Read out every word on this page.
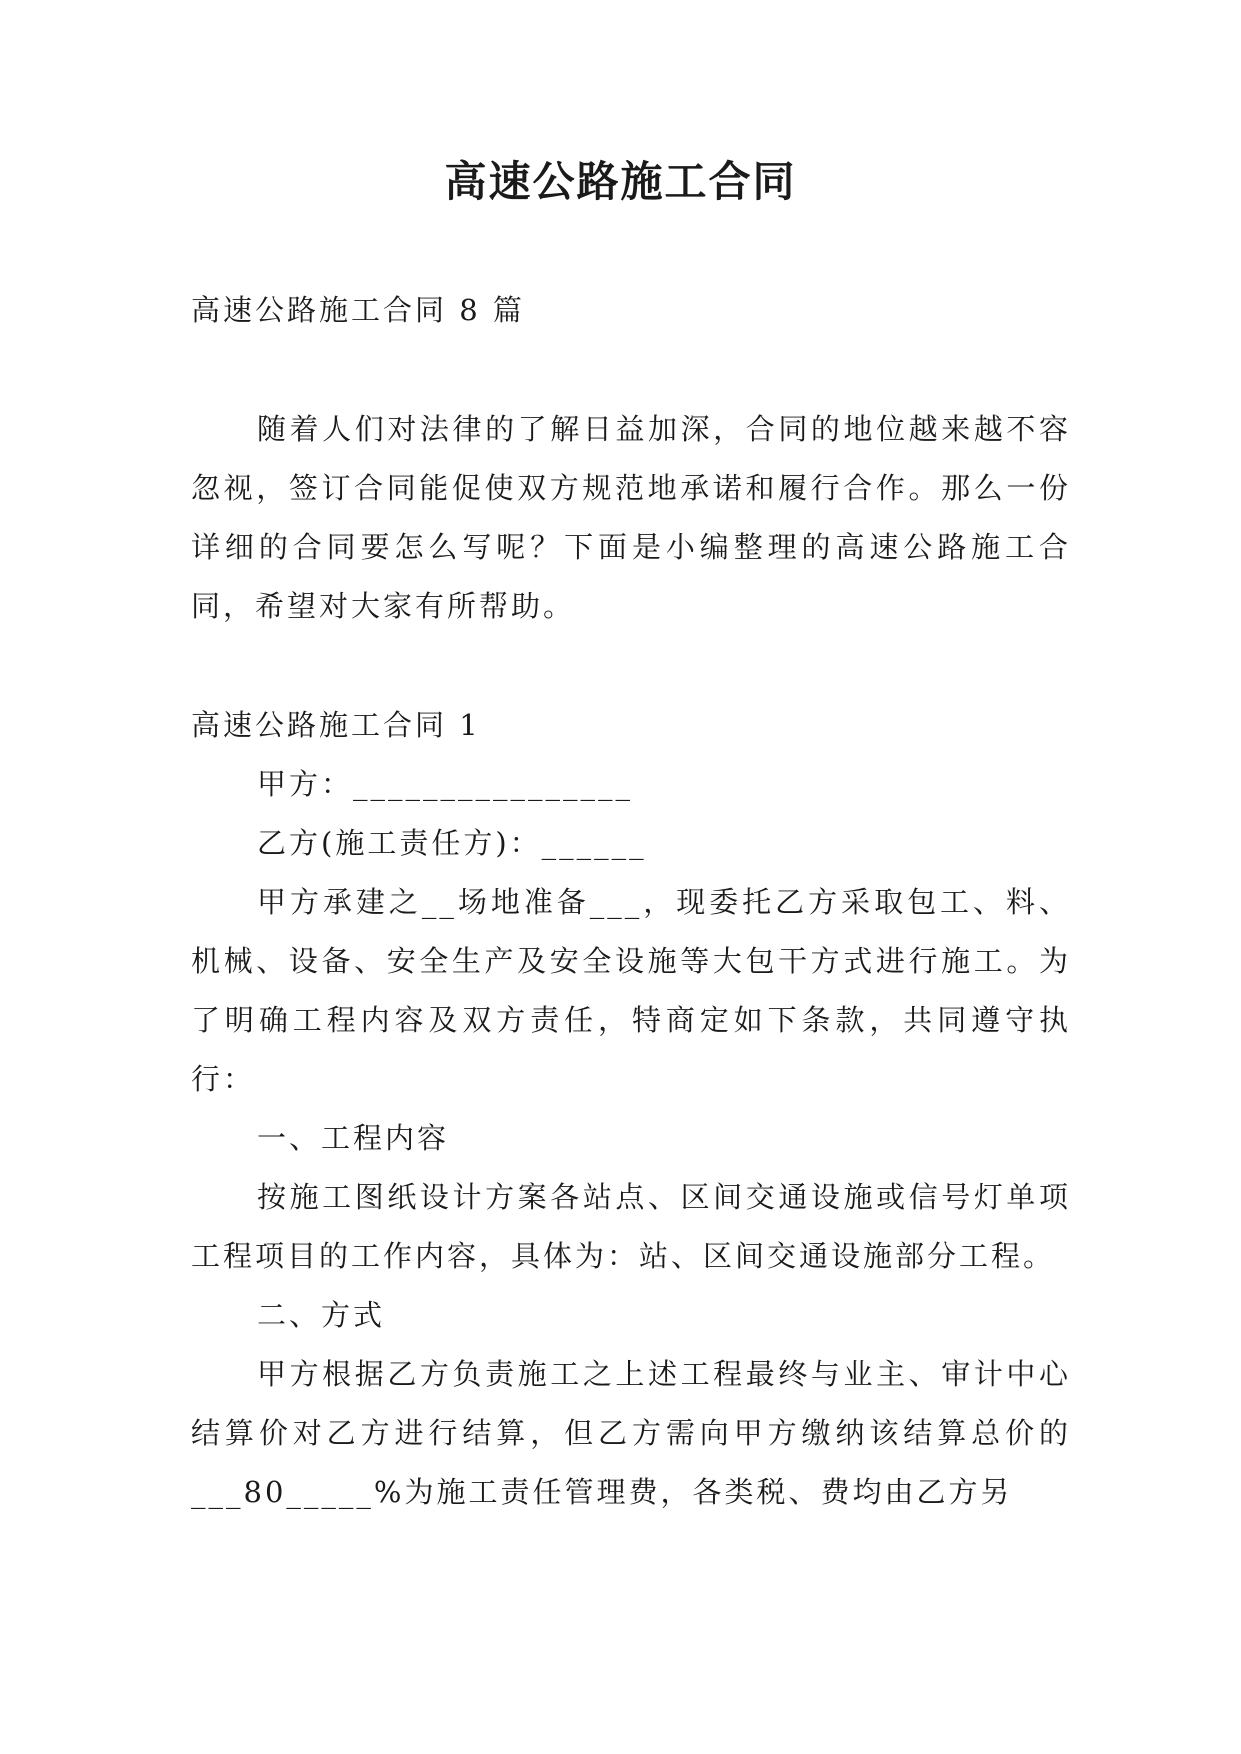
高速公路施工合同

高速公路施工合同 8 篇

随着人们对法律的了解日益加深，合同的地位越来越不容忽视，签订合同能促使双方规范地承诺和履行合作。那么一份详细的合同要怎么写呢？下面是小编整理的高速公路施工合同，希望对大家有所帮助。

高速公路施工合同 1

甲方：________________

乙方(施工责任方)：______

甲方承建之__场地准备___，现委托乙方采取包工、料、机械、设备、安全生产及安全设施等大包干方式进行施工。为了明确工程内容及双方责任，特商定如下条款，共同遵守执行：

一、工程内容

按施工图纸设计方案各站点、区间交通设施或信号灯单项工程项目的工作内容，具体为：站、区间交通设施部分工程。

二、方式

甲方根据乙方负责施工之上述工程最终与业主、审计中心结算价对乙方进行结算，但乙方需向甲方缴纳该结算总价的___80_____%为施工责任管理费，各类税、费均由乙方另
